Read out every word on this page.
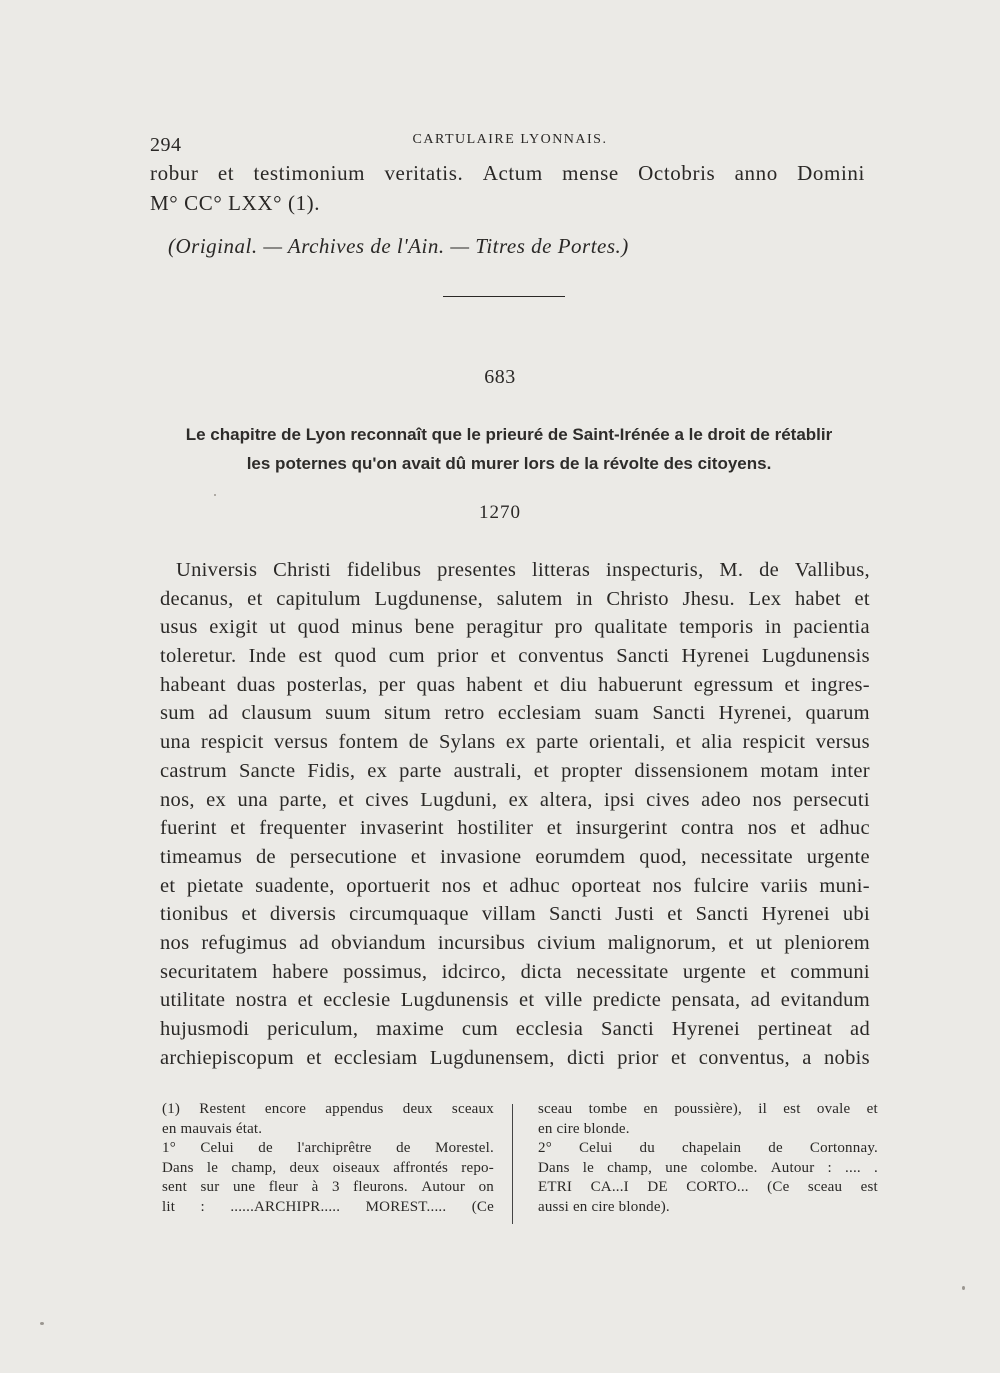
294	CARTULAIRE LYONNAIS.
robur et testimonium veritatis. Actum mense Octobris anno Domini
M° CC° LXX° (1).
(Original. — Archives de l'Ain. — Titres de Portes.)
683
Le chapitre de Lyon reconnaît que le prieuré de Saint-Irénée a le droit de rétablir
les poternes qu'on avait dû murer lors de la révolte des citoyens.
1270
Universis Christi fidelibus presentes litteras inspecturis, M. de Vallibus,
decanus, et capitulum Lugdunense, salutem in Christo Jhesu. Lex habet et
usus exigit ut quod minus bene peragitur pro qualitate temporis in pacientia
toleretur. Inde est quod cum prior et conventus Sancti Hyrenei Lugdunensis
habeant duas posterlas, per quas habent et diu habuerunt egressum et ingres-
sum ad clausum suum situm retro ecclesiam suam Sancti Hyrenei, quarum
una respicit versus fontem de Sylans ex parte orientali, et alia respicit versus
castrum Sancte Fidis, ex parte australi, et propter dissensionem motam inter
nos, ex una parte, et cives Lugduni, ex altera, ipsi cives adeo nos persecuti
fuerint et frequenter invaserint hostiliter et insurgerint contra nos et adhuc
timeamus de persecutione et invasione eorumdem quod, necessitate urgente
et pietate suadente, oportuerit nos et adhuc oporteat nos fulcire variis muni-
tionibus et diversis circumquaque villam Sancti Justi et Sancti Hyrenei ubi
nos refugimus ad obviandum incursibus civium malignorum, et ut pleniorem
securitatem habere possimus, idcirco, dicta necessitate urgente et communi
utilitate nostra et ecclesie Lugdunensis et ville predicte pensata, ad evitandum
hujusmodi periculum, maxime cum ecclesia Sancti Hyrenei pertineat ad
archiepiscopum et ecclesiam Lugdunensem, dicti prior et conventus, a nobis
(1) Restent encore appendus deux sceaux
en mauvais état.
1° Celui de l'archiprêtre de Morestel.
Dans le champ, deux oiseaux affrontés repo-
sent sur une fleur à 3 fleurons. Autour on
lit : ......ARCHIPR..... MOREST..... (Ce
sceau tombe en poussière), il est ovale et
en cire blonde.
2° Celui du chapelain de Cortonnay.
Dans le champ, une colombe. Autour : .... .
ETRI CA...I DE CORTO... (Ce sceau est
aussi en cire blonde).
